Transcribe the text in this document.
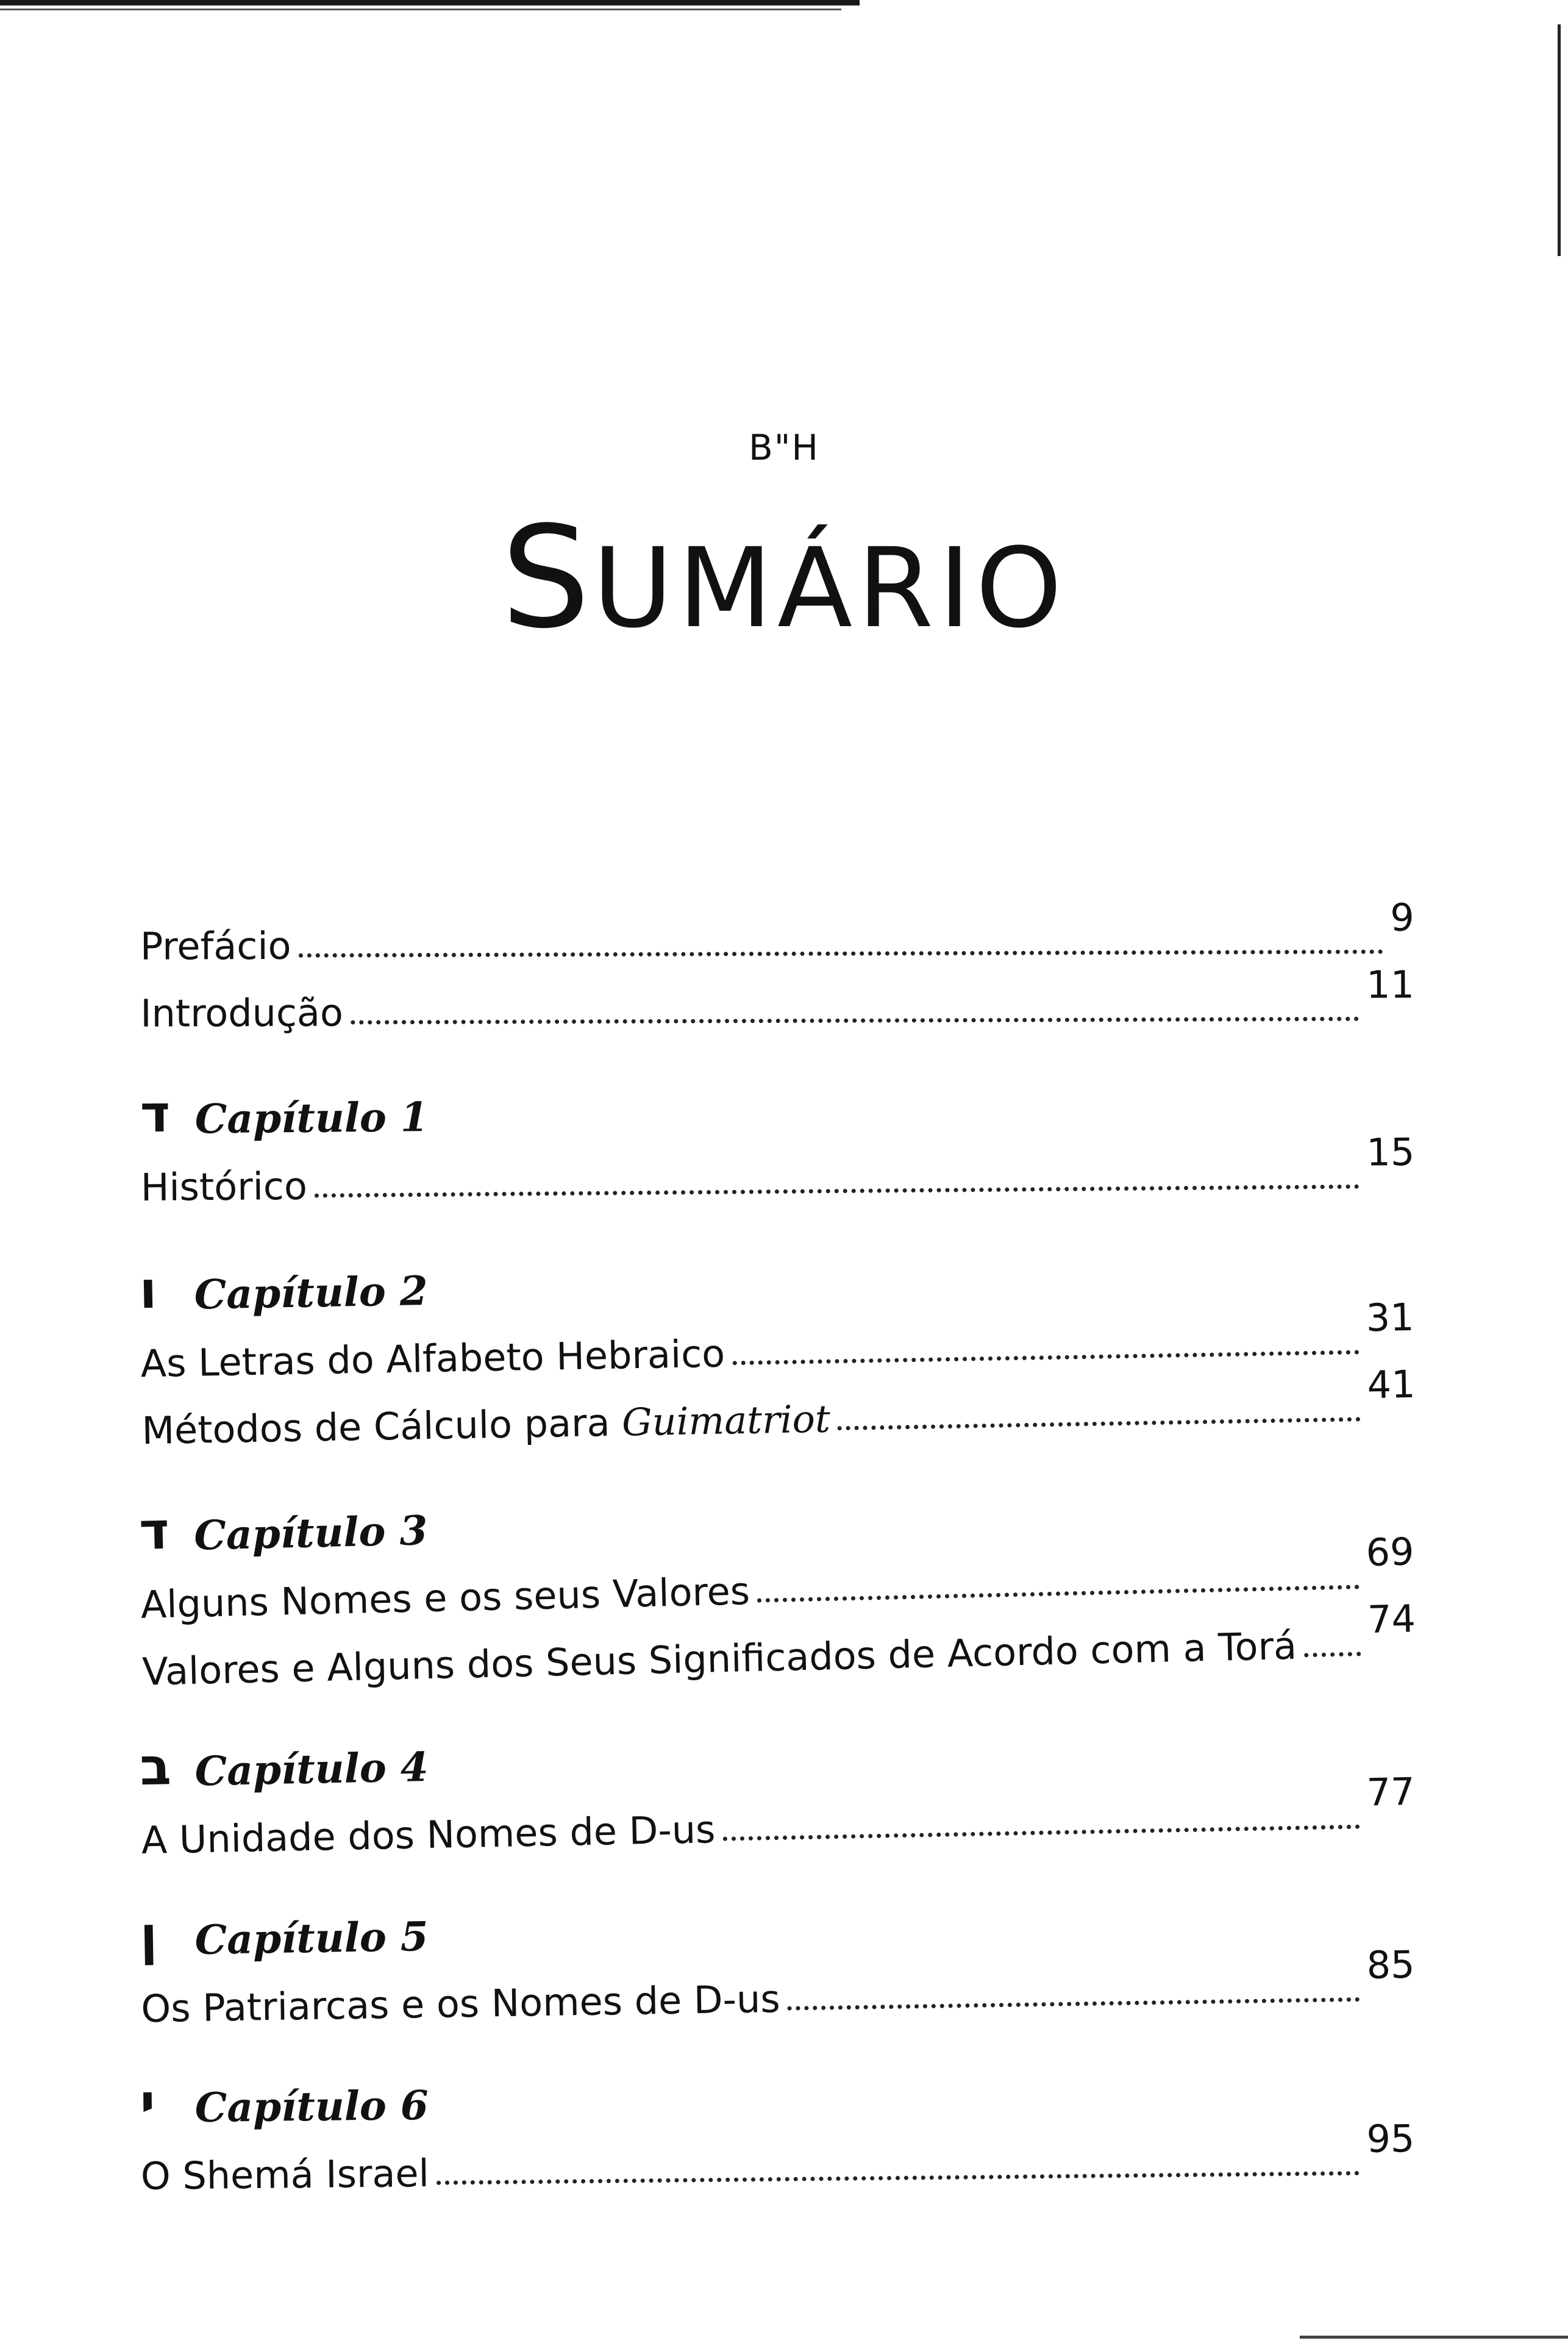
B"H
SUMÁRIO
Prefácio
9
Introdução
11
ד Capítulo 1
Histórico
15
ו Capítulo 2
As Letras do Alfabeto Hebraico
31
Métodos de Cálculo para Guimatriot
41
ד Capítulo 3
Alguns Nomes e os seus Valores
69
Valores e Alguns dos Seus Significados de Acordo com a Torá
74
ב Capítulo 4
A Unidade dos Nomes de D-us
77
ן Capítulo 5
Os Patriarcas e os Nomes de D-us
85
י Capítulo 6
O Shemá Israel
95
